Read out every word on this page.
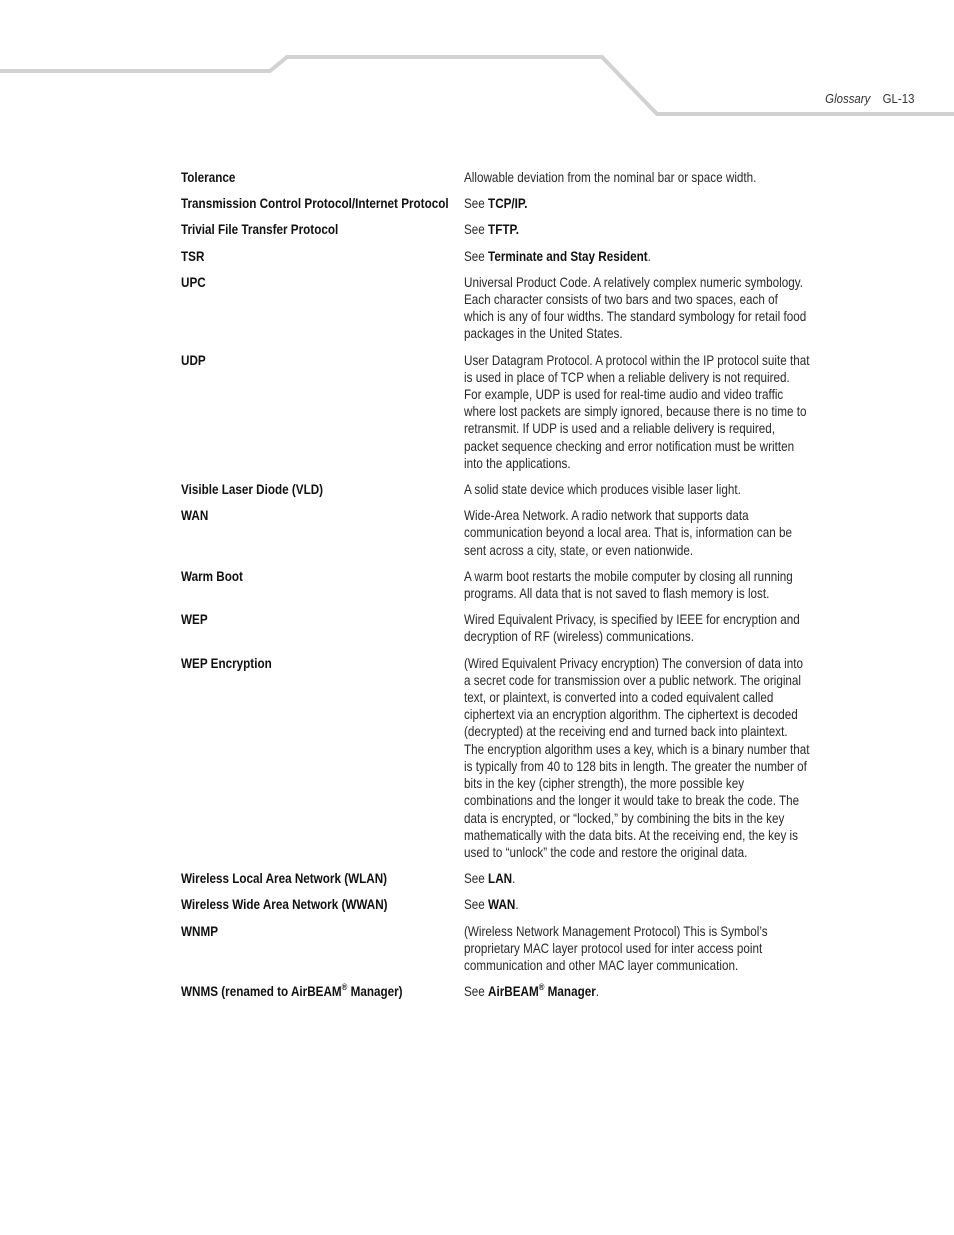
Glossary GL-13
Tolerance	Allowable deviation from the nominal bar or space width.
Transmission Control Protocol/Internet Protocol	See TCP/IP.
Trivial File Transfer Protocol	See TFTP.
TSR	See Terminate and Stay Resident.
UPC	Universal Product Code. A relatively complex numeric symbology. Each character consists of two bars and two spaces, each of which is any of four widths. The standard symbology for retail food packages in the United States.
UDP	User Datagram Protocol. A protocol within the IP protocol suite that is used in place of TCP when a reliable delivery is not required. For example, UDP is used for real-time audio and video traffic where lost packets are simply ignored, because there is no time to retransmit. If UDP is used and a reliable delivery is required, packet sequence checking and error notification must be written into the applications.
Visible Laser Diode (VLD)	A solid state device which produces visible laser light.
WAN	Wide-Area Network. A radio network that supports data communication beyond a local area. That is, information can be sent across a city, state, or even nationwide.
Warm Boot	A warm boot restarts the mobile computer by closing all running programs. All data that is not saved to flash memory is lost.
WEP	Wired Equivalent Privacy, is specified by IEEE for encryption and decryption of RF (wireless) communications.
WEP Encryption	(Wired Equivalent Privacy encryption) The conversion of data into a secret code for transmission over a public network. The original text, or plaintext, is converted into a coded equivalent called ciphertext via an encryption algorithm. The ciphertext is decoded (decrypted) at the receiving end and turned back into plaintext. The encryption algorithm uses a key, which is a binary number that is typically from 40 to 128 bits in length. The greater the number of bits in the key (cipher strength), the more possible key combinations and the longer it would take to break the code. The data is encrypted, or “locked,” by combining the bits in the key mathematically with the data bits. At the receiving end, the key is used to “unlock” the code and restore the original data.
Wireless Local Area Network (WLAN)	See LAN.
Wireless Wide Area Network (WWAN)	See WAN.
WNMP	(Wireless Network Management Protocol) This is Symbol’s proprietary MAC layer protocol used for inter access point communication and other MAC layer communication.
WNMS (renamed to AirBEAM® Manager)	See AirBEAM® Manager.
